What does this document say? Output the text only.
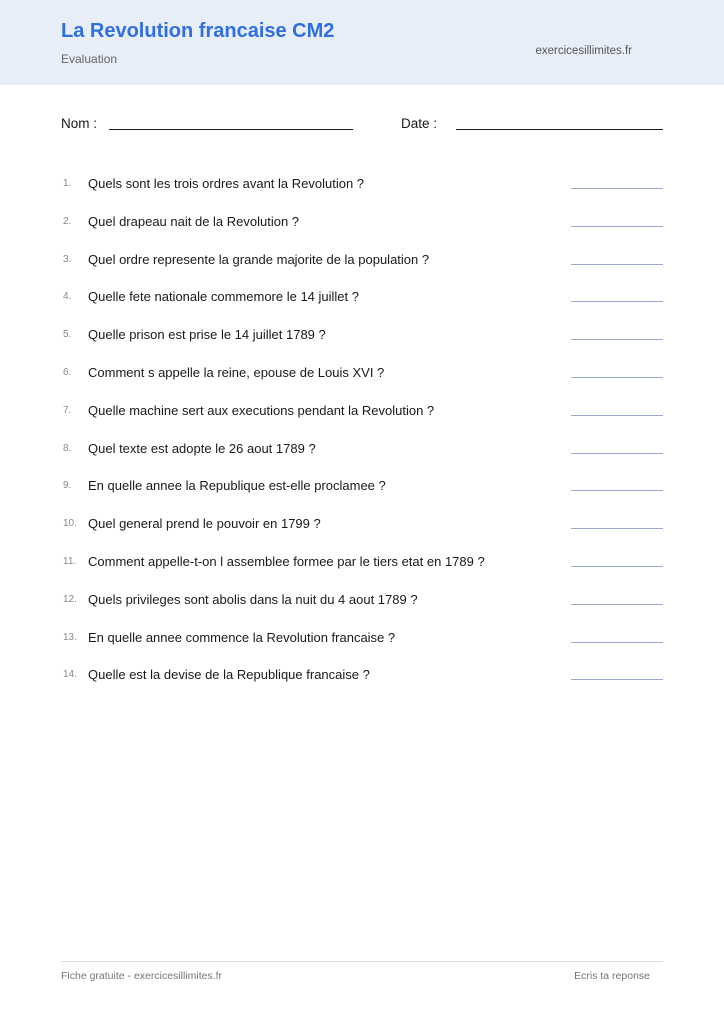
La Revolution francaise CM2
Evaluation
exercicesillimites.fr
Nom :	Date :
1. Quels sont les trois ordres avant la Revolution ?
2. Quel drapeau nait de la Revolution ?
3. Quel ordre represente la grande majorite de la population ?
4. Quelle fete nationale commemore le 14 juillet ?
5. Quelle prison est prise le 14 juillet 1789 ?
6. Comment s appelle la reine, epouse de Louis XVI ?
7. Quelle machine sert aux executions pendant la Revolution ?
8. Quel texte est adopte le 26 aout 1789 ?
9. En quelle annee la Republique est-elle proclamee ?
10. Quel general prend le pouvoir en 1799 ?
11. Comment appelle-t-on l assemblee formee par le tiers etat en 1789 ?
12. Quels privileges sont abolis dans la nuit du 4 aout 1789 ?
13. En quelle annee commence la Revolution francaise ?
14. Quelle est la devise de la Republique francaise ?
Fiche gratuite - exercicesillimites.fr	Ecris ta reponse
